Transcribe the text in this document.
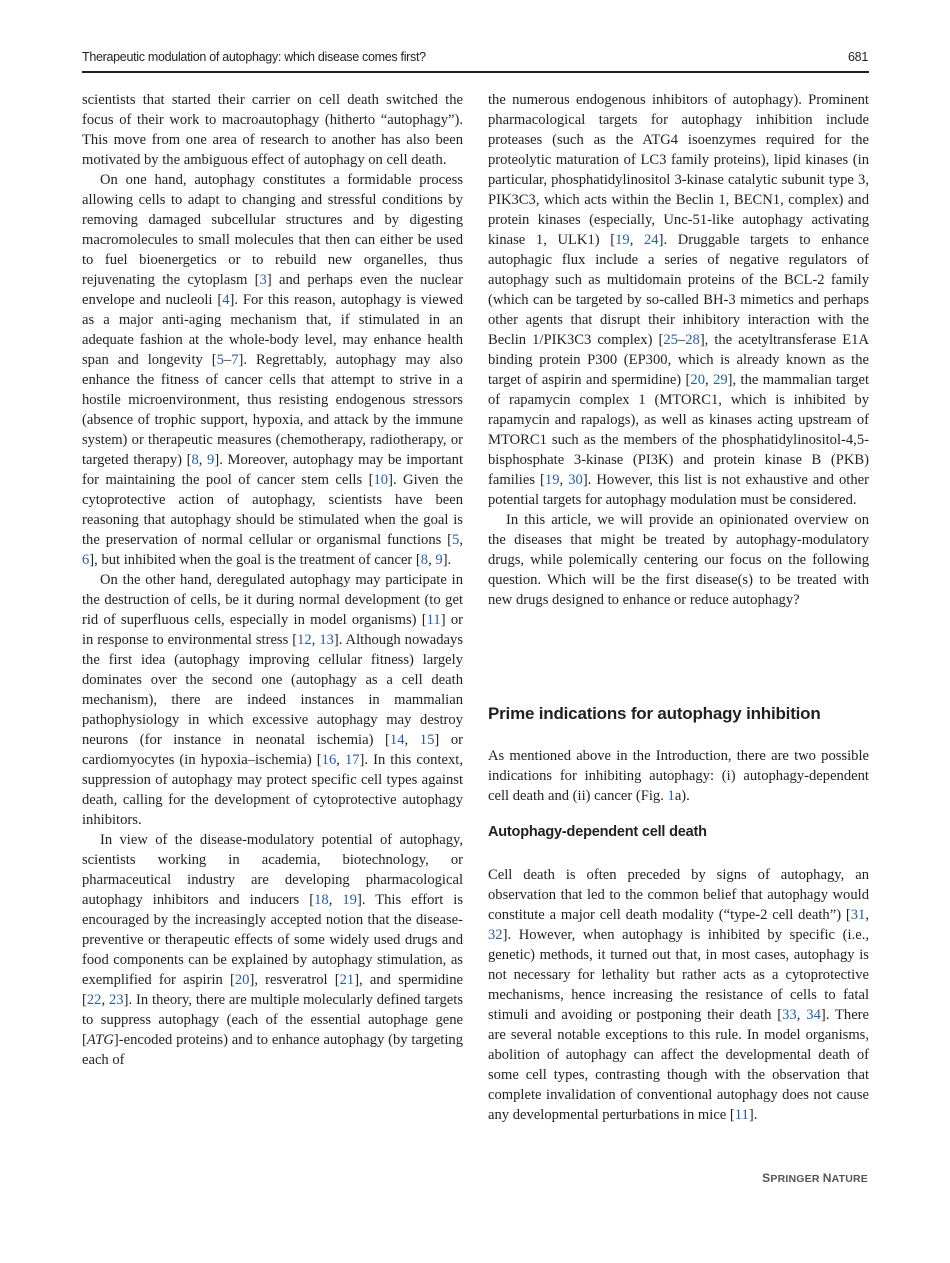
Therapeutic modulation of autophagy: which disease comes first?	681

scientists that started their carrier on cell death switched the focus of their work to macroautophagy (hitherto “autophagy”). This move from one area of research to another has also been motivated by the ambiguous effect of autophagy on cell death.

On one hand, autophagy constitutes a formidable process allowing cells to adapt to changing and stressful conditions by removing damaged subcellular structures and by digesting macromolecules to small molecules that then can either be used to fuel bioenergetics or to rebuild new organelles, thus rejuvenating the cytoplasm [3] and perhaps even the nuclear envelope and nucleoli [4]. For this reason, autophagy is viewed as a major anti-aging mechanism that, if stimulated in an adequate fashion at the whole-body level, may enhance health span and longevity [5–7]. Regrettably, autophagy may also enhance the fitness of cancer cells that attempt to strive in a hostile microenvironment, thus resisting endogenous stressors (absence of trophic support, hypoxia, and attack by the immune system) or therapeutic measures (chemotherapy, radiotherapy, or targeted therapy) [8, 9]. Moreover, autophagy may be important for maintaining the pool of cancer stem cells [10]. Given the cytoprotective action of autophagy, scientists have been reasoning that autophagy should be stimulated when the goal is the preservation of normal cellular or organismal functions [5, 6], but inhibited when the goal is the treatment of cancer [8, 9].

On the other hand, deregulated autophagy may participate in the destruction of cells, be it during normal development (to get rid of superfluous cells, especially in model organisms) [11] or in response to environmental stress [12, 13]. Although nowadays the first idea (autophagy improving cellular fitness) largely dominates over the second one (autophagy as a cell death mechanism), there are indeed instances in mammalian pathophysiology in which excessive autophagy may destroy neurons (for instance in neonatal ischemia) [14, 15] or cardiomyocytes (in hypoxia–ischemia) [16, 17]. In this context, suppression of autophagy may protect specific cell types against death, calling for the development of cytoprotective autophagy inhibitors.

In view of the disease-modulatory potential of autophagy, scientists working in academia, biotechnology, or pharmaceutical industry are developing pharmacological autophagy inhibitors and inducers [18, 19]. This effort is encouraged by the increasingly accepted notion that the disease-preventive or therapeutic effects of some widely used drugs and food components can be explained by autophagy stimulation, as exemplified for aspirin [20], resveratrol [21], and spermidine [22, 23]. In theory, there are multiple molecularly defined targets to suppress autophagy (each of the essential autophage gene [ATG]-encoded proteins) and to enhance autophagy (by targeting each of

the numerous endogenous inhibitors of autophagy). Prominent pharmacological targets for autophagy inhibition include proteases (such as the ATG4 isoenzymes required for the proteolytic maturation of LC3 family proteins), lipid kinases (in particular, phosphatidylinositol 3-kinase catalytic subunit type 3, PIK3C3, which acts within the Beclin 1, BECN1, complex) and protein kinases (especially, Unc-51-like autophagy activating kinase 1, ULK1) [19, 24]. Druggable targets to enhance autophagic flux include a series of negative regulators of autophagy such as multidomain proteins of the BCL-2 family (which can be targeted by so-called BH-3 mimetics and perhaps other agents that disrupt their inhibitory interaction with the Beclin 1/PIK3C3 complex) [25–28], the acetyltransferase E1A binding protein P300 (EP300, which is already known as the target of aspirin and spermidine) [20, 29], the mammalian target of rapamycin complex 1 (MTORC1, which is inhibited by rapamycin and rapalogs), as well as kinases acting upstream of MTORC1 such as the members of the phosphatidylinositol-4,5-bisphosphate 3-kinase (PI3K) and protein kinase B (PKB) families [19, 30]. However, this list is not exhaustive and other potential targets for autophagy modulation must be considered.

In this article, we will provide an opinionated overview on the diseases that might be treated by autophagy-modulatory drugs, while polemically centering our focus on the following question. Which will be the first disease(s) to be treated with new drugs designed to enhance or reduce autophagy?

Prime indications for autophagy inhibition

As mentioned above in the Introduction, there are two possible indications for inhibiting autophagy: (i) autophagy-dependent cell death and (ii) cancer (Fig. 1a).

Autophagy-dependent cell death

Cell death is often preceded by signs of autophagy, an observation that led to the common belief that autophagy would constitute a major cell death modality (“type-2 cell death”) [31, 32]. However, when autophagy is inhibited by specific (i.e., genetic) methods, it turned out that, in most cases, autophagy is not necessary for lethality but rather acts as a cytoprotective mechanisms, hence increasing the resistance of cells to fatal stimuli and avoiding or postponing their death [33, 34]. There are several notable exceptions to this rule. In model organisms, abolition of autophagy can affect the developmental death of some cell types, contrasting though with the observation that complete invalidation of conventional autophagy does not cause any developmental perturbations in mice [11].

SPRINGER NATURE
